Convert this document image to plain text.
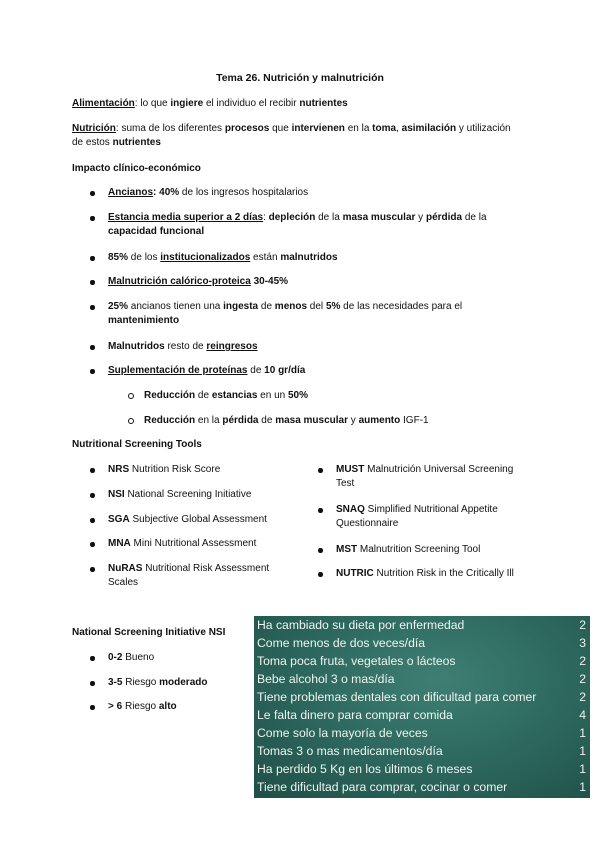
Tema 26. Nutrición y malnutrición
Alimentación: lo que ingiere el individuo el recibir nutrientes
Nutrición: suma de los diferentes procesos que intervienen en la toma, asimilación y utilización de estos nutrientes
Impacto clínico-económico
Ancianos: 40% de los ingresos hospitalarios
Estancia media superior a 2 días: depleción de la masa muscular y pérdida de la capacidad funcional
85% de los institucionalizados están malnutridos
Malnutrición calórico-proteica 30-45%
25% ancianos tienen una ingesta de menos del 5% de las necesidades para el mantenimiento
Malnutridos resto de reingresos
Suplementación de proteínas de 10 gr/día
Reducción de estancias en un 50%
Reducción en la pérdida de masa muscular y aumento IGF-1
Nutritional Screening Tools
NRS Nutrition Risk Score
NSI National Screening Initiative
SGA Subjective Global Assessment
MNA Mini Nutritional Assessment
NuRAS Nutritional Risk Assessment Scales
MUST Malnutrición Universal Screening Test
SNAQ Simplified Nutritional Appetite Questionnaire
MST Malnutrition Screening Tool
NUTRIC Nutrition Risk in the Critically Ill
National Screening Initiative NSI
0-2 Bueno
3-5 Riesgo moderado
> 6 Riesgo alto
Ha cambiado su dieta por enfermedad	2
Come menos de dos veces/día	3
Toma poca fruta, vegetales o lácteos	2
Bebe alcohol 3 o mas/día	2
Tiene problemas dentales con dificultad para comer	2
Le falta dinero para comprar comida	4
Come solo la mayoría de veces	1
Tomas 3 o mas medicamentos/día	1
Ha perdido 5 Kg en los últimos 6 meses	1
Tiene dificultad para comprar, cocinar o comer	1
